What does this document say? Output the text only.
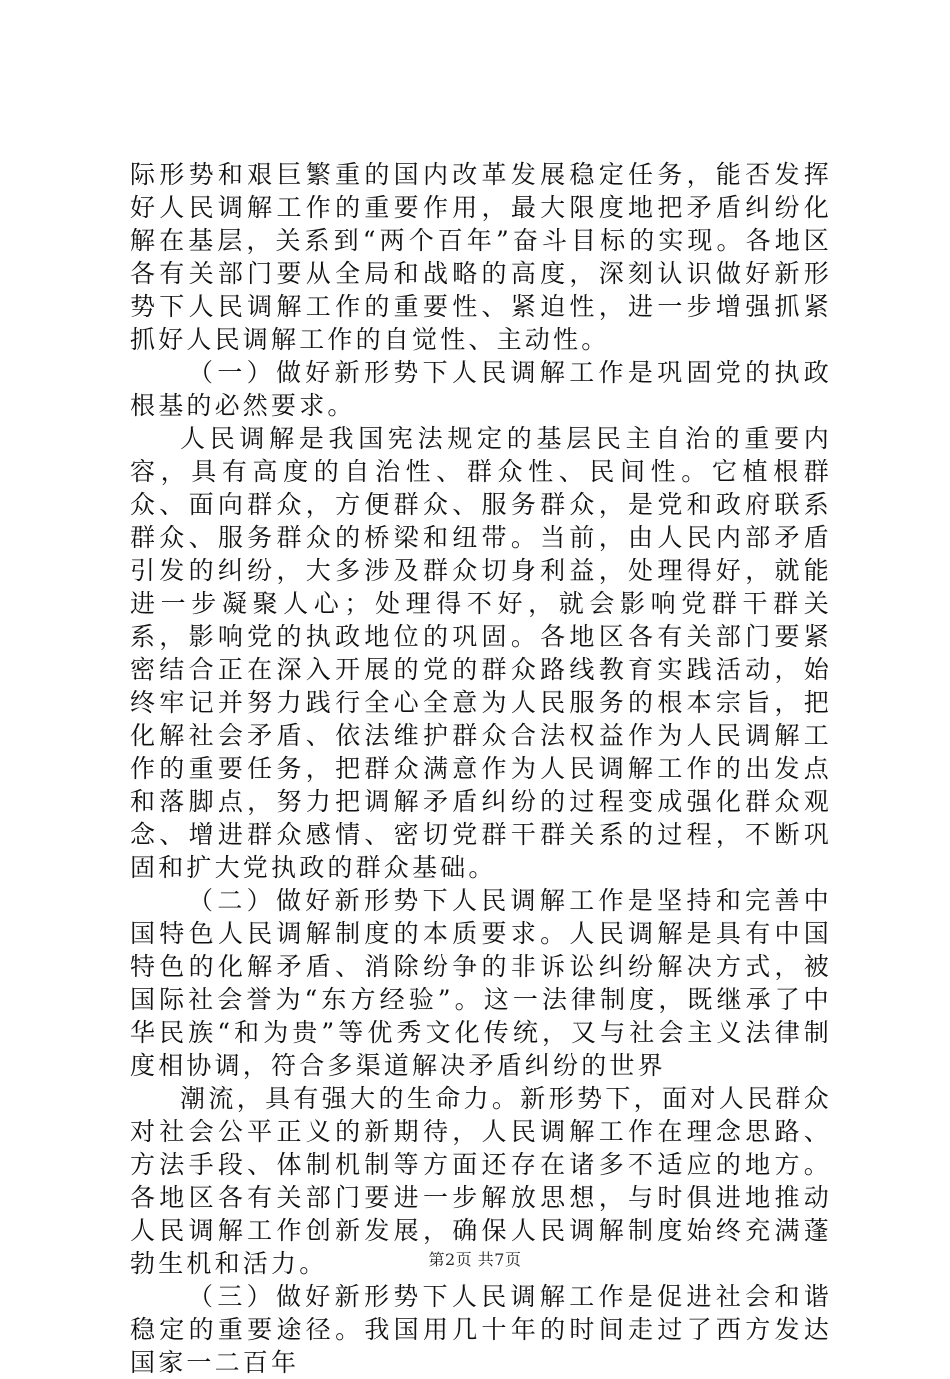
际形势和艰巨繁重的国内改革发展稳定任务，能否发挥好人民调解工作的重要作用，最大限度地把矛盾纠纷化解在基层，关系到“两个百年”奋斗目标的实现。各地区各有关部门要从全局和战略的高度，深刻认识做好新形势下人民调解工作的重要性、紧迫性，进一步增强抓紧抓好人民调解工作的自觉性、主动性。

（一）做好新形势下人民调解工作是巩固党的执政根基的必然要求。

人民调解是我国宪法规定的基层民主自治的重要内容，具有高度的自治性、群众性、民间性。它植根群众、面向群众，方便群众、服务群众，是党和政府联系群众、服务群众的桥梁和纽带。当前，由人民内部矛盾引发的纠纷，大多涉及群众切身利益，处理得好，就能进一步凝聚人心；处理得不好，就会影响党群干群关系，影响党的执政地位的巩固。各地区各有关部门要紧密结合正在深入开展的党的群众路线教育实践活动，始终牢记并努力践行全心全意为人民服务的根本宗旨，把化解社会矛盾、依法维护群众合法权益作为人民调解工作的重要任务，把群众满意作为人民调解工作的出发点和落脚点，努力把调解矛盾纠纷的过程变成强化群众观念、增进群众感情、密切党群干群关系的过程，不断巩固和扩大党执政的群众基础。

（二）做好新形势下人民调解工作是坚持和完善中国特色人民调解制度的本质要求。人民调解是具有中国特色的化解矛盾、消除纷争的非诉讼纠纷解决方式，被国际社会誉为“东方经验”。这一法律制度，既继承了中华民族“和为贵”等优秀文化传统，又与社会主义法律制度相协调，符合多渠道解决矛盾纠纷的世界

潮流，具有强大的生命力。新形势下，面对人民群众对社会公平正义的新期待，人民调解工作在理念思路、方法手段、体制机制等方面还存在诸多不适应的地方。各地区各有关部门要进一步解放思想，与时俱进地推动人民调解工作创新发展，确保人民调解制度始终充满蓬勃生机和活力。

（三）做好新形势下人民调解工作是促进社会和谐稳定的重要途径。我国用几十年的时间走过了西方发达国家一二百年

第2页 共7页
